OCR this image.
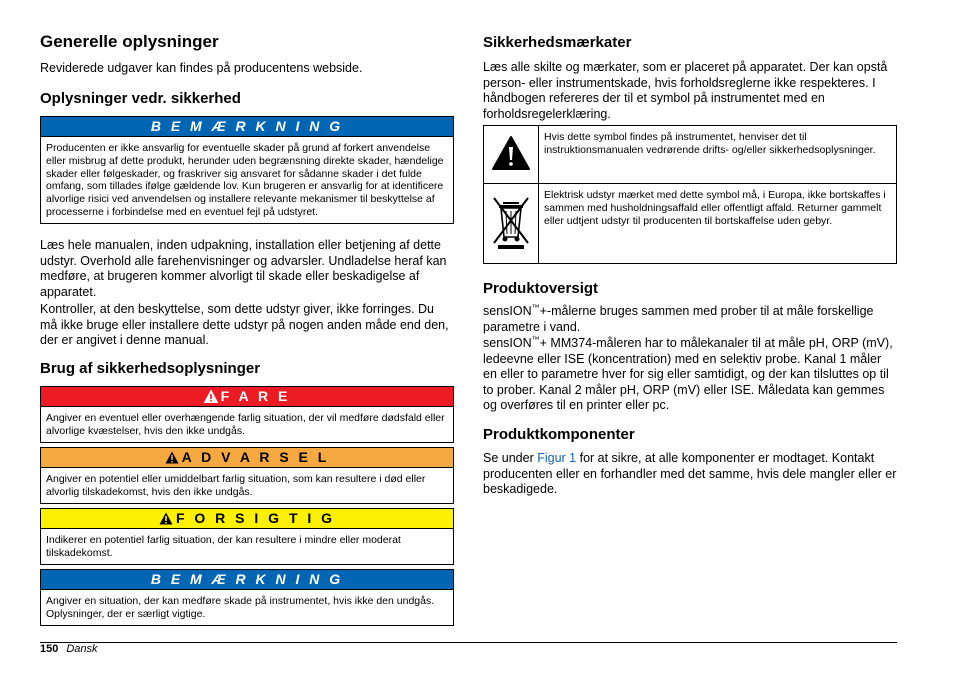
Generelle oplysninger

Reviderede udgaver kan findes på producentens webside.

Oplysninger vedr. sikkerhed
B E M Æ R K N I N G
Producenten er ikke ansvarlig for eventuelle skader på grund af forkert anvendelse eller misbrug af dette produkt, herunder uden begrænsning direkte skader, hændelige skader eller følgeskader, og fraskriver sig ansvaret for sådanne skader i det fulde omfang, som tillades ifølge gældende lov. Kun brugeren er ansvarlig for at identificere alvorlige risici ved anvendelsen og installere relevante mekanismer til beskyttelse af processerne i forbindelse med en eventuel fejl på udstyret.

Læs hele manualen, inden udpakning, installation eller betjening af dette udstyr. Overhold alle farehenvisninger og advarsler. Undladelse heraf kan medføre, at brugeren kommer alvorligt til skade eller beskadigelse af apparatet.

Kontroller, at den beskyttelse, som dette udstyr giver, ikke forringes. Du må ikke bruge eller installere dette udstyr på nogen anden måde end den, der er angivet i denne manual.

Brug af sikkerhedsoplysninger
F A R E
Angiver en eventuel eller overhængende farlig situation, der vil medføre dødsfald eller alvorlige kvæstelser, hvis den ikke undgås.
A D V A R S E L
Angiver en potentiel eller umiddelbart farlig situation, som kan resultere i død eller alvorlig tilskadekomst, hvis den ikke undgås.
F O R S I G T I G
Indikerer en potentiel farlig situation, der kan resultere i mindre eller moderat tilskadekomst.
B E M Æ R K N I N G
Angiver en situation, der kan medføre skade på instrumentet, hvis ikke den undgås. Oplysninger, der er særligt vigtige.
Sikkerhedsmærkater

Læs alle skilte og mærkater, som er placeret på apparatet. Der kan opstå person- eller instrumentskade, hvis forholdsreglerne ikke respekteres. I håndbogen refereres der til et symbol på instrumentet med en forholdsregelerklæring.

	Hvis dette symbol findes på instrumentet, henviser det til instruktionsmanualen vedrørende drifts- og/eller sikkerhedsoplysninger.
	Elektrisk udstyr mærket med dette symbol må, i Europa, ikke bortskaffes i sammen med husholdningsaffald eller offentligt affald. Returner gammelt eller udtjent udstyr til producenten til bortskaffelse uden gebyr.
Produktoversigt

sensION™+-målerne bruges sammen med prober til at måle forskellige parametre i vand.

sensION™+ MM374-måleren har to målekanaler til at måle pH, ORP (mV), ledeevne eller ISE (koncentration) med en selektiv probe. Kanal 1 måler en eller to parametre hver for sig eller samtidigt, og der kan tilsluttes op til to prober. Kanal 2 måler pH, ORP (mV) eller ISE. Måledata kan gemmes og overføres til en printer eller pc.

Produktkomponenter

Se under Figur 1 for at sikre, at alle komponenter er modtaget. Kontakt producenten eller en forhandler med det samme, hvis dele mangler eller er beskadigede.

150 Dansk
